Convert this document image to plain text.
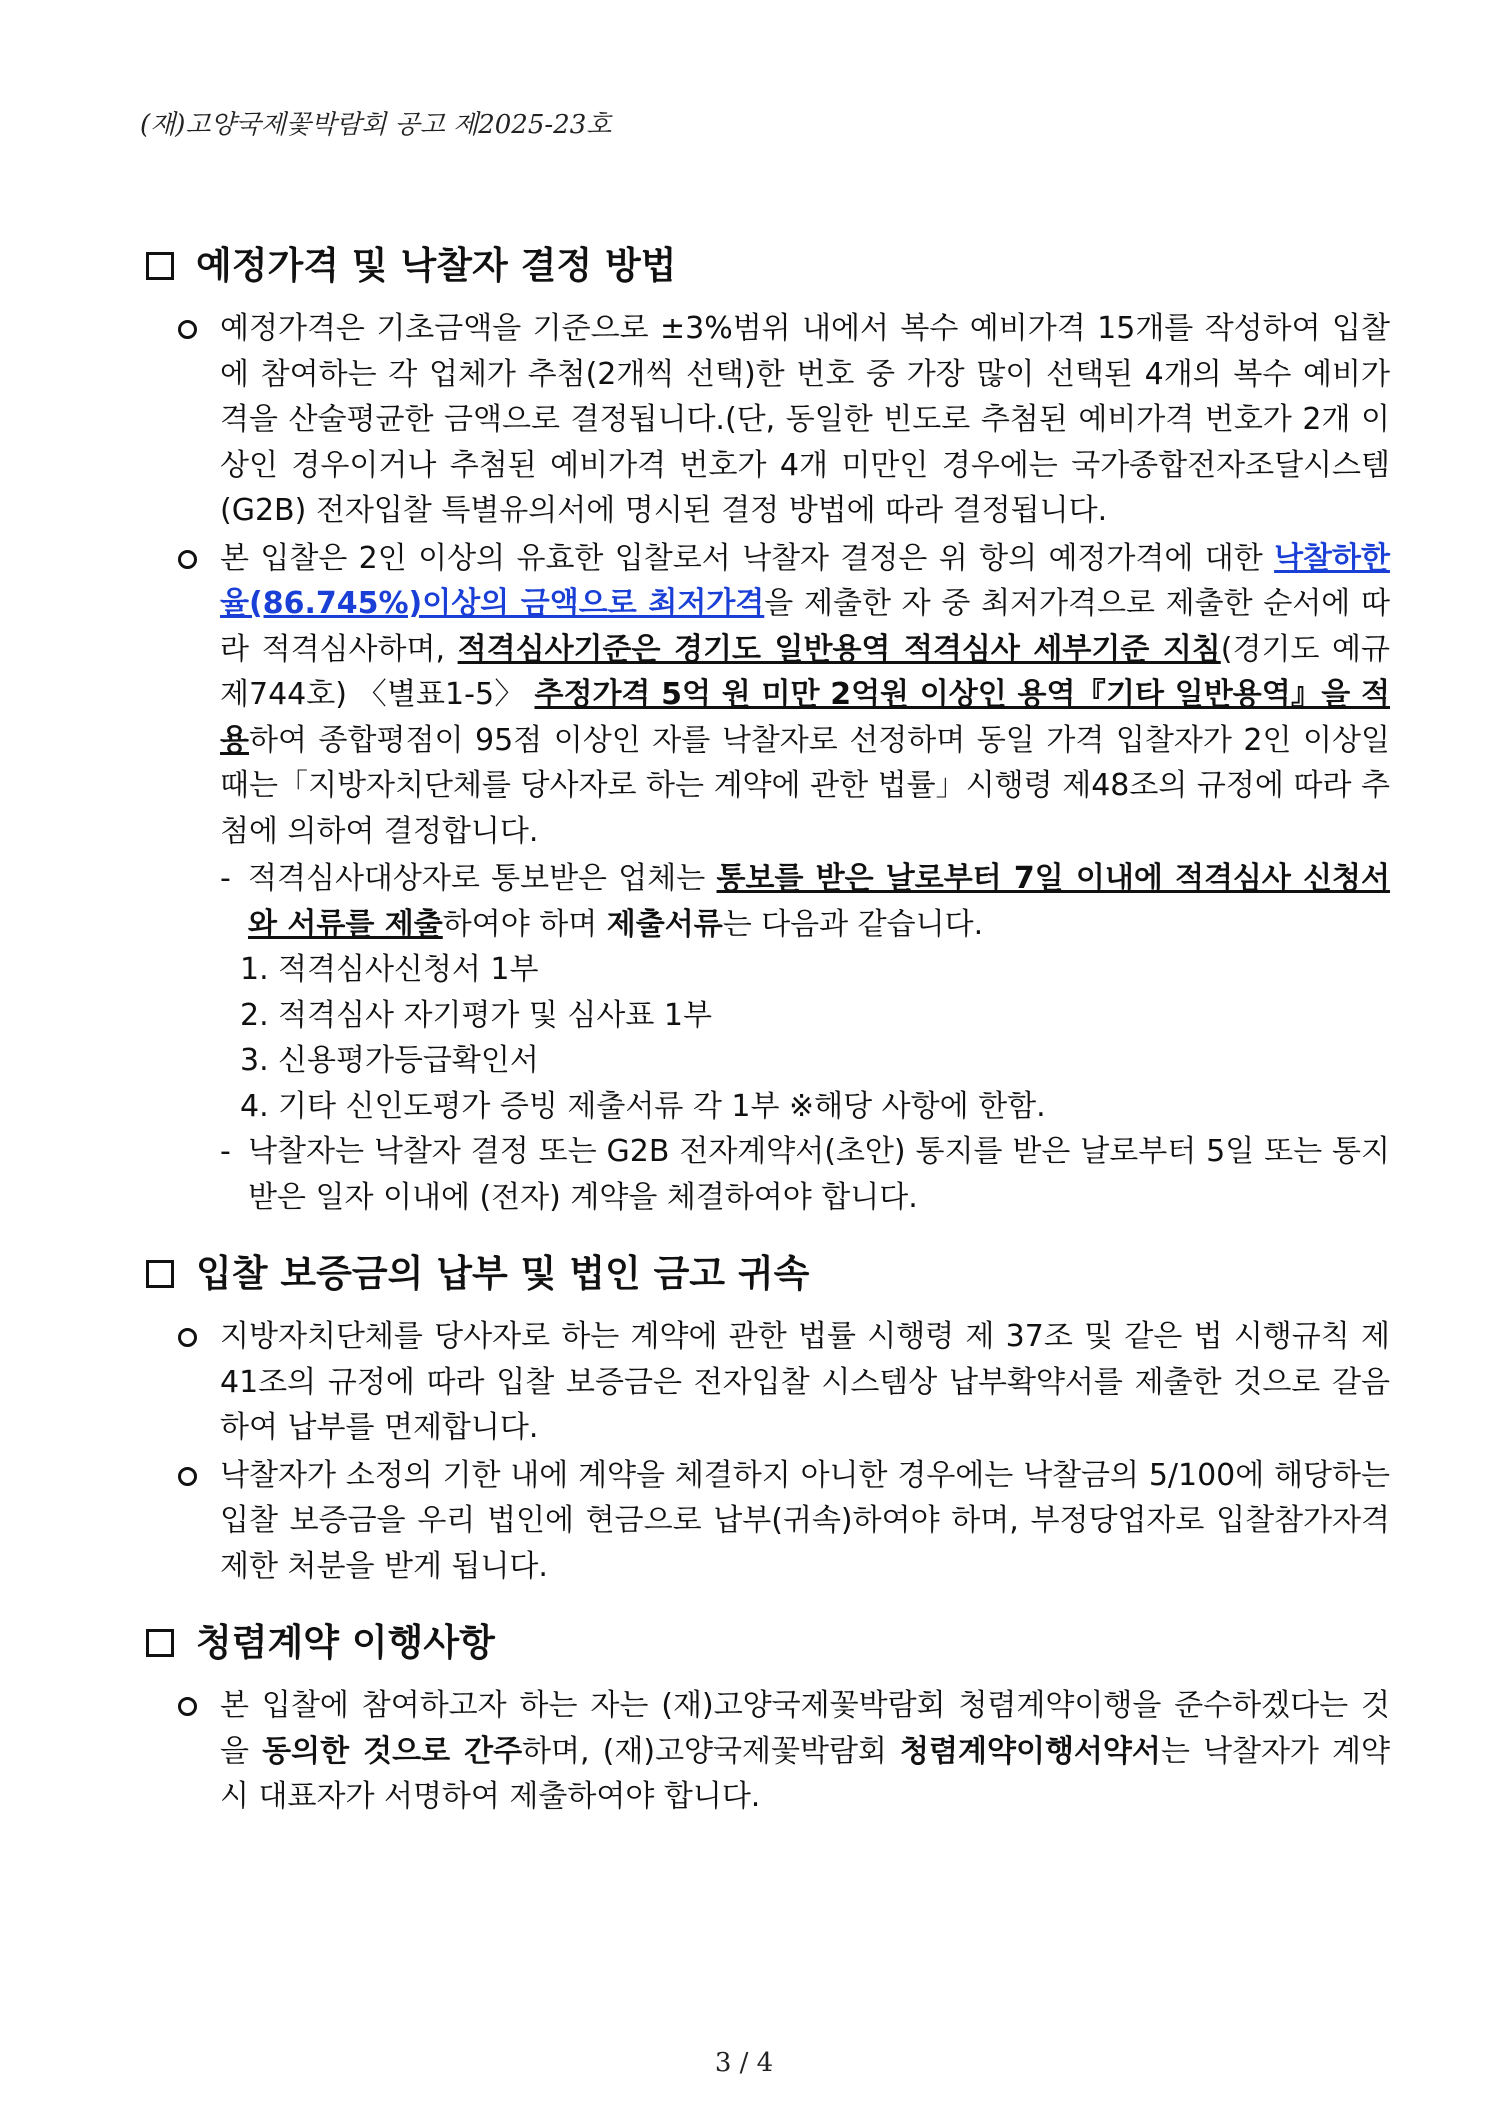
(재)고양국제꽃박람회 공고 제2025-23호
예정가격 및 낙찰자 결정 방법
예정가격은 기초금액을 기준으로 ±3%범위 내에서 복수 예비가격 15개를 작성하여 입찰에 참여하는 각 업체가 추첨(2개씩 선택)한 번호 중 가장 많이 선택된 4개의 복수 예비가격을 산술평균한 금액으로 결정됩니다.(단, 동일한 빈도로 추첨된 예비가격 번호가 2개 이상인 경우이거나 추첨된 예비가격 번호가 4개 미만인 경우에는 국가종합전자조달시스템(G2B) 전자입찰 특별유의서에 명시된 결정 방법에 따라 결정됩니다.
본 입찰은 2인 이상의 유효한 입찰로서 낙찰자 결정은 위 항의 예정가격에 대한 낙찰하한율(86.745%)이상의 금액으로 최저가격을 제출한 자 중 최저가격으로 제출한 순서에 따라 적격심사하며, 적격심사기준은 경기도 일반용역 적격심사 세부기준 지침(경기도 예규 제744호) 〈별표1-5〉 추정가격 5억 원 미만 2억원 이상인 용역『기타 일반용역』을 적용하여 종합평점이 95점 이상인 자를 낙찰자로 선정하며 동일 가격 입찰자가 2인 이상일 때는「지방자치단체를 당사자로 하는 계약에 관한 법률」시행령 제48조의 규정에 따라 추첨에 의하여 결정합니다.
- 적격심사대상자로 통보받은 업체는 통보를 받은 날로부터 7일 이내에 적격심사 신청서와 서류를 제출하여야 하며 제출서류는 다음과 같습니다.
1. 적격심사신청서 1부
2. 적격심사 자기평가 및 심사표 1부
3. 신용평가등급확인서
4. 기타 신인도평가 증빙 제출서류 각 1부 ※해당 사항에 한함.
- 낙찰자는 낙찰자 결정 또는 G2B 전자계약서(초안) 통지를 받은 날로부터 5일 또는 통지받은 일자 이내에 (전자) 계약을 체결하여야 합니다.
입찰 보증금의 납부 및 법인 금고 귀속
지방자치단체를 당사자로 하는 계약에 관한 법률 시행령 제 37조 및 같은 법 시행규칙 제 41조의 규정에 따라 입찰 보증금은 전자입찰 시스템상 납부확약서를 제출한 것으로 갈음하여 납부를 면제합니다.
낙찰자가 소정의 기한 내에 계약을 체결하지 아니한 경우에는 낙찰금의 5/100에 해당하는 입찰 보증금을 우리 법인에 현금으로 납부(귀속)하여야 하며, 부정당업자로 입찰참가자격 제한 처분을 받게 됩니다.
청렴계약 이행사항
본 입찰에 참여하고자 하는 자는 (재)고양국제꽃박람회 청렴계약이행을 준수하겠다는 것을 동의한 것으로 간주하며, (재)고양국제꽃박람회 청렴계약이행서약서는 낙찰자가 계약 시 대표자가 서명하여 제출하여야 합니다.
3 / 4
